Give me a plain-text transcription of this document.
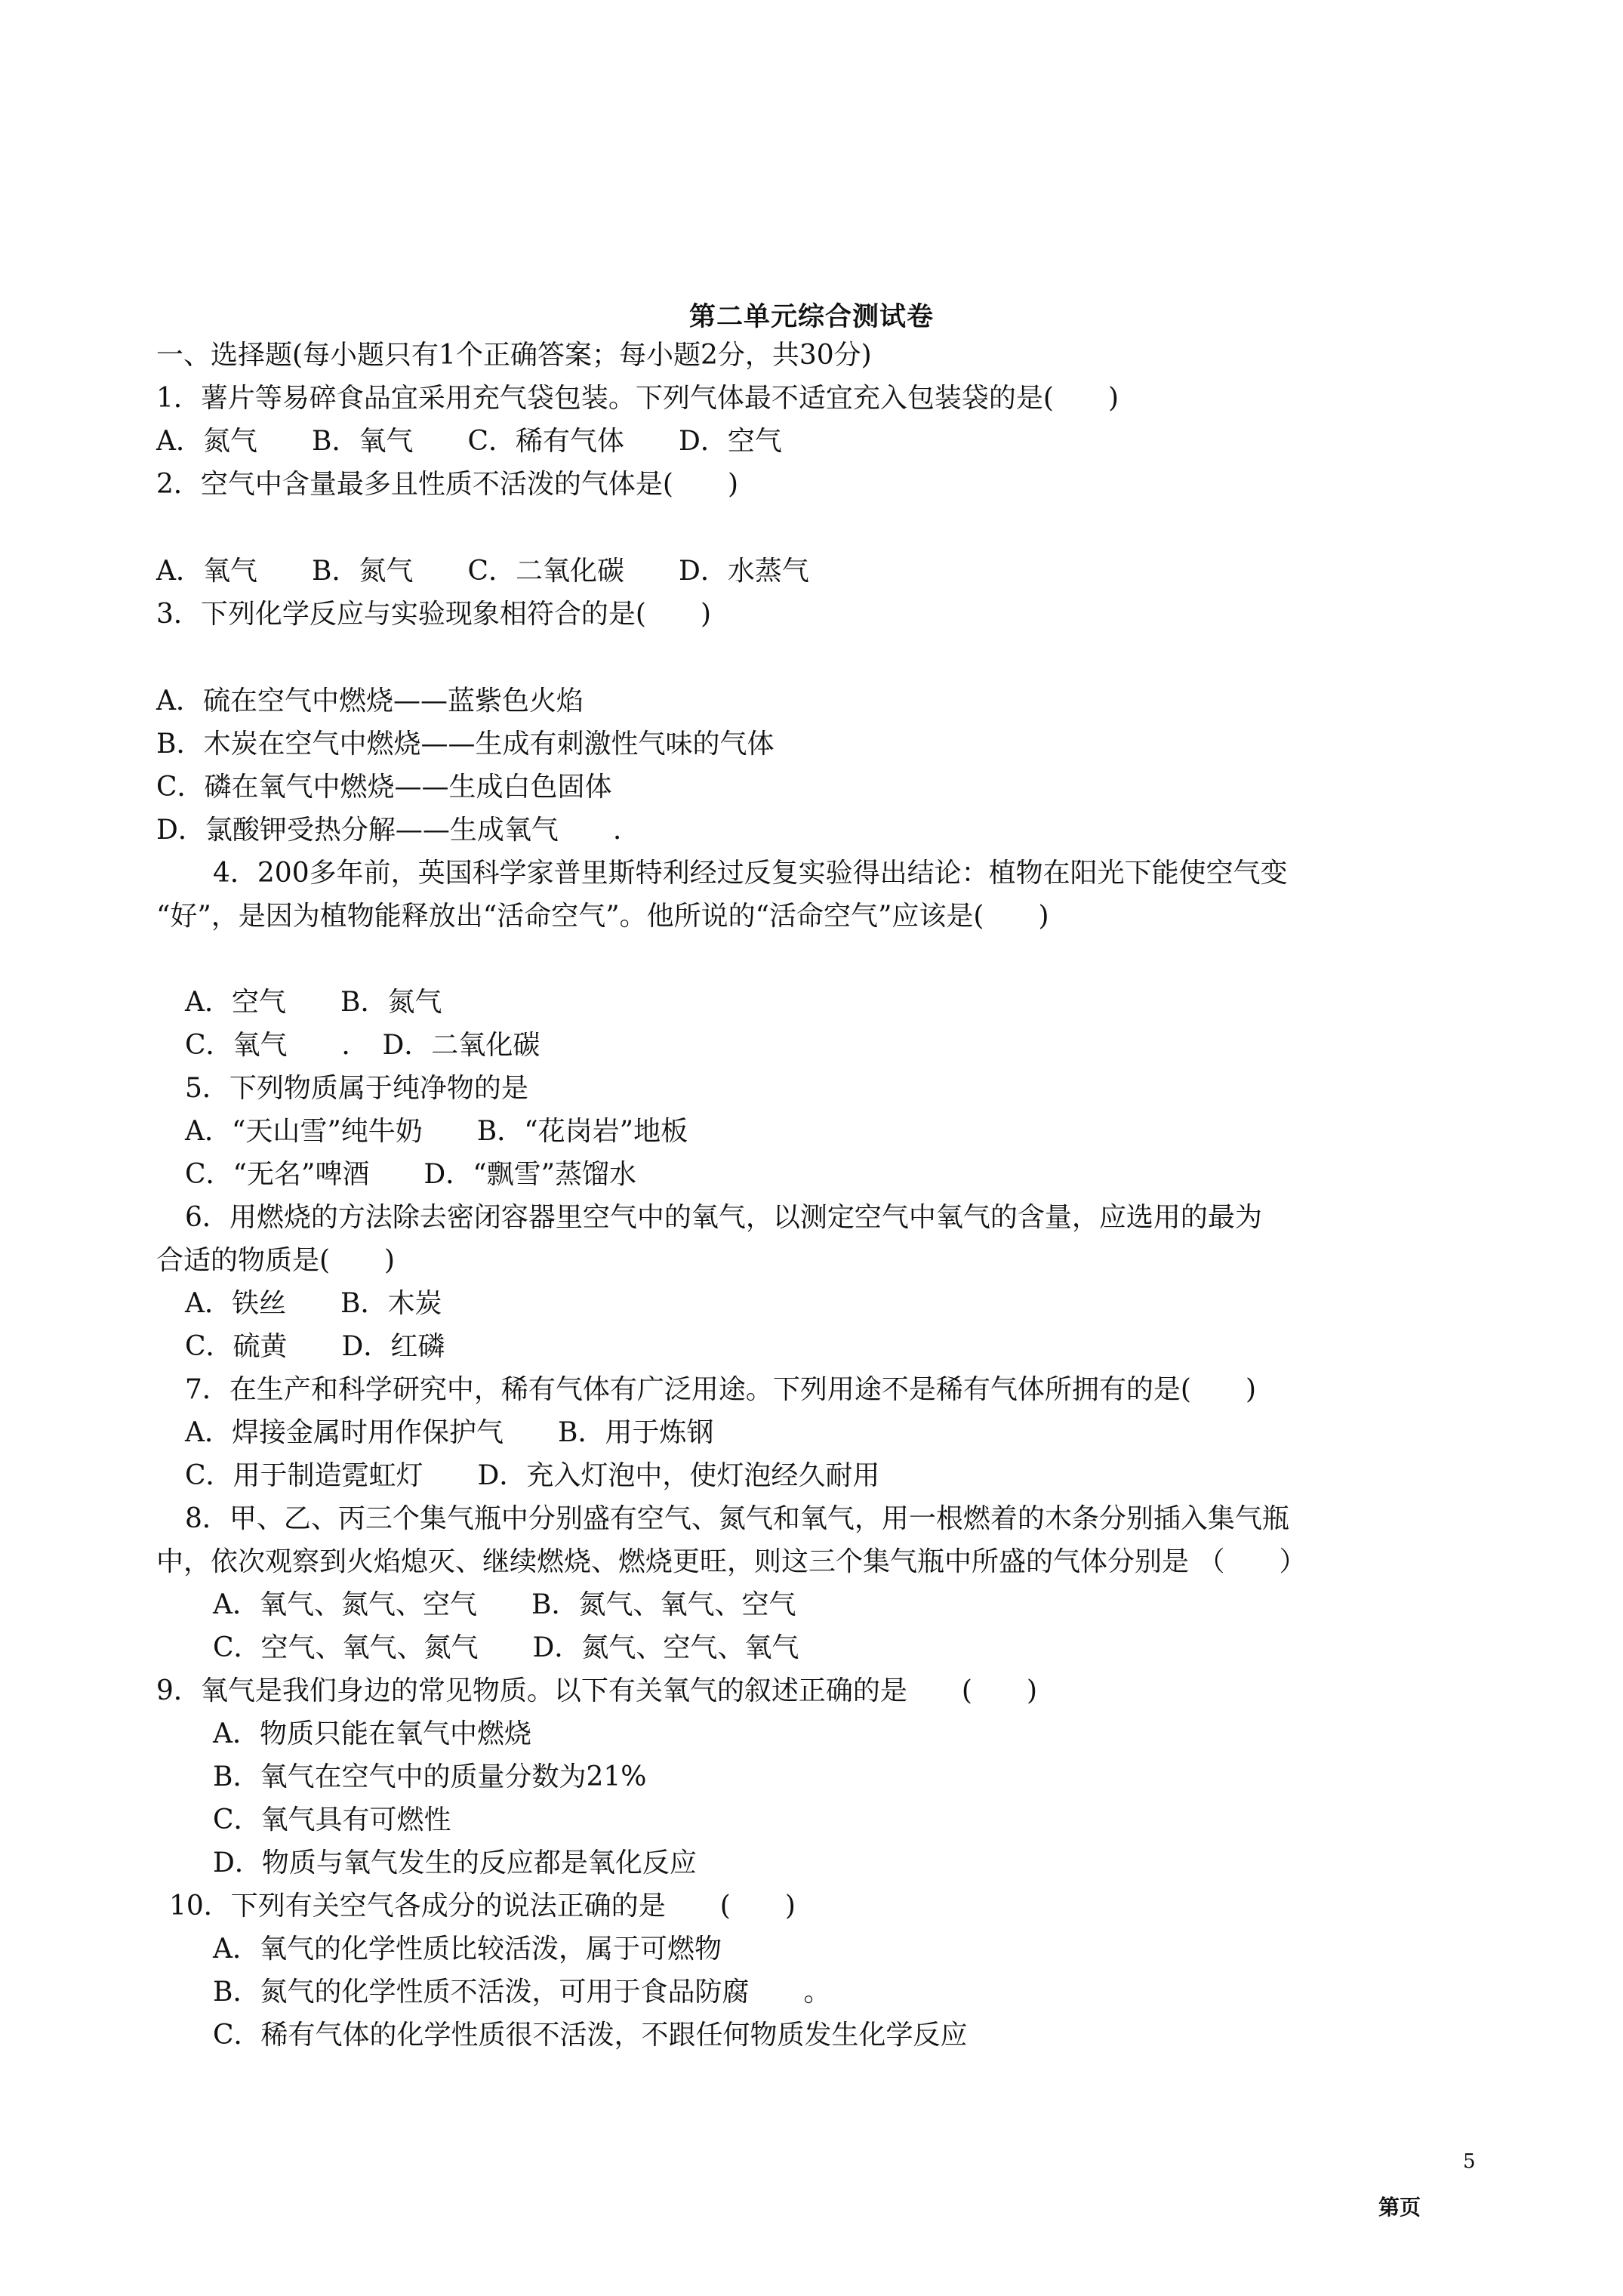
第二单元综合测试卷
一、选择题(每小题只有1个正确答案；每小题2分，共30分)
1．薯片等易碎食品宜采用充气袋包装。下列气体最不适宜充入包装袋的是(　　)
A．氮气　　B．氧气　　C．稀有气体　　D．空气
2．空气中含量最多且性质不活泼的气体是(　　)
A．氧气　　B．氮气　　C．二氧化碳　　D．水蒸气
3．下列化学反应与实验现象相符合的是(　　)
A．硫在空气中燃烧——蓝紫色火焰
B．木炭在空气中燃烧——生成有刺激性气味的气体
C．磷在氧气中燃烧——生成白色固体
D．氯酸钾受热分解——生成氧气　　.
4．200多年前，英国科学家普里斯特利经过反复实验得出结论：植物在阳光下能使空气变
“好”，是因为植物能释放出“活命空气”。他所说的“活命空气”应该是(　　)
A．空气　　B．氮气
C．氧气　　．　D．二氧化碳
5．下列物质属于纯净物的是
A．“天山雪”纯牛奶　　B．“花岗岩”地板
C．“无名”啤酒　　D．“飘雪”蒸馏水
6．用燃烧的方法除去密闭容器里空气中的氧气，以测定空气中氧气的含量，应选用的最为
合适的物质是(　　)
A．铁丝　　B．木炭
C．硫黄　　D．红磷
7．在生产和科学研究中，稀有气体有广泛用途。下列用途不是稀有气体所拥有的是(　　)
A．焊接金属时用作保护气　　B．用于炼钢
C．用于制造霓虹灯　　D．充入灯泡中，使灯泡经久耐用
8．甲、乙、丙三个集气瓶中分别盛有空气、氮气和氧气，用一根燃着的木条分别插入集气瓶
中，依次观察到火焰熄灭、继续燃烧、燃烧更旺，则这三个集气瓶中所盛的气体分别是 （　　）
A．氧气、氮气、空气　　B．氮气、氧气、空气
C．空气、氧气、氮气　　D．氮气、空气、氧气
9．氧气是我们身边的常见物质。以下有关氧气的叙述正确的是　　(　　)
A．物质只能在氧气中燃烧
B．氧气在空气中的质量分数为21%
C．氧气具有可燃性
D．物质与氧气发生的反应都是氧化反应
10．下列有关空气各成分的说法正确的是　　(　　)
A．氧气的化学性质比较活泼，属于可燃物
B．氮气的化学性质不活泼，可用于食品防腐　　。
C．稀有气体的化学性质很不活泼，不跟任何物质发生化学反应
5
第页
